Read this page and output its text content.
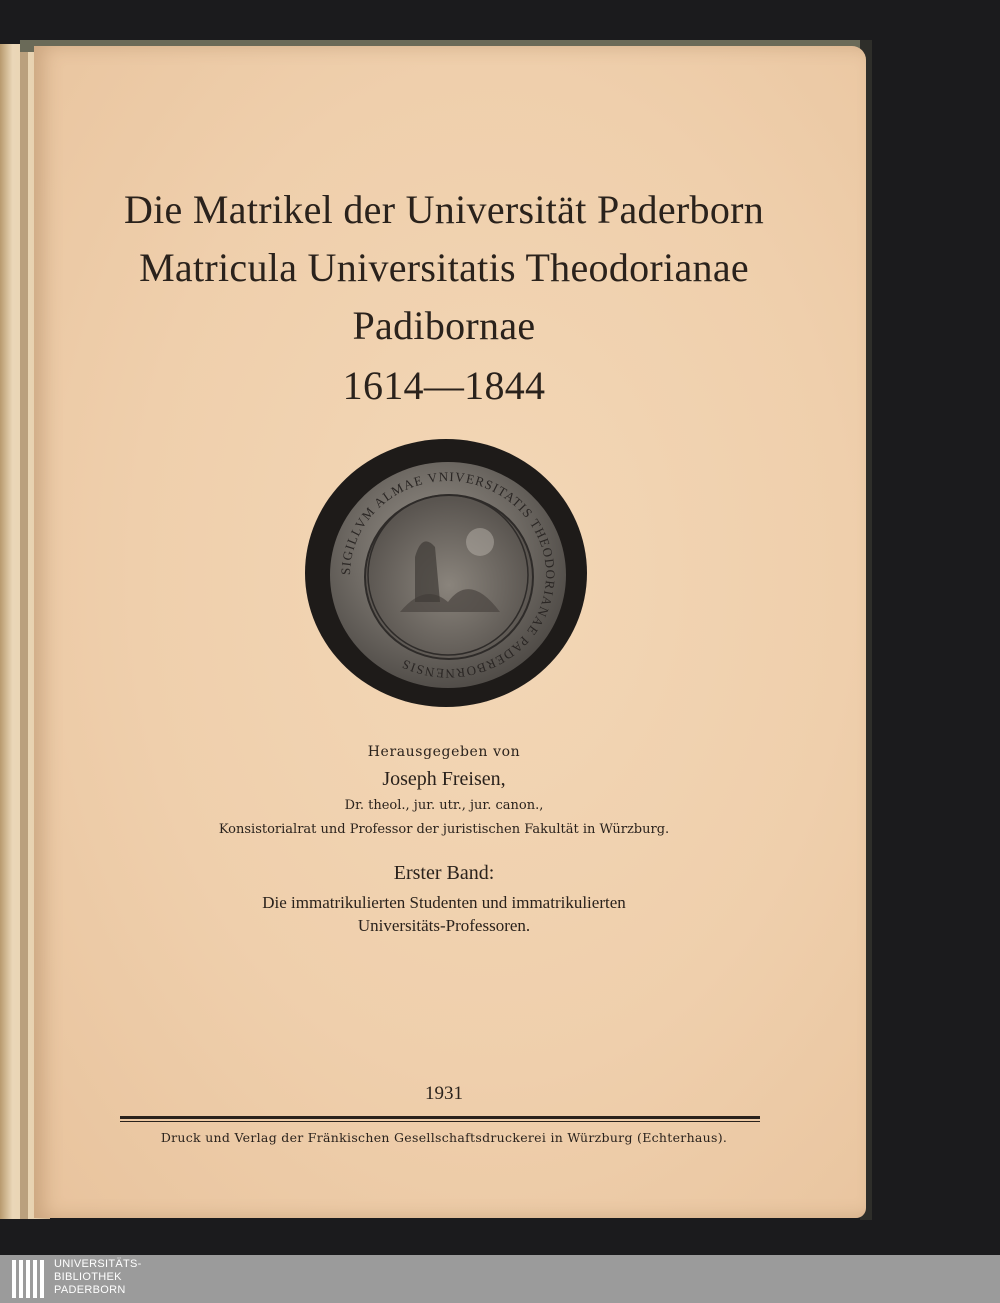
Die Matrikel der Universität Paderborn
Matricula Universitatis Theodorianae
Padibornae
1614—1844
SIGILLVM ALMAE VNIVERSITATIS THEODORIANAE PADERBORNENSIS
Herausgegeben von
Joseph Freisen,
Dr. theol., jur. utr., jur. canon.,
Konsistorialrat und Professor der juristischen Fakultät in Würzburg.
Erster Band:
Die immatrikulierten Studenten und immatrikulierten
Universitäts-Professoren.
1931
Druck und Verlag der Fränkischen Gesellschaftsdruckerei in Würzburg (Echterhaus).
UNIVERSITÄTS-
BIBLIOTHEK
PADERBORN
